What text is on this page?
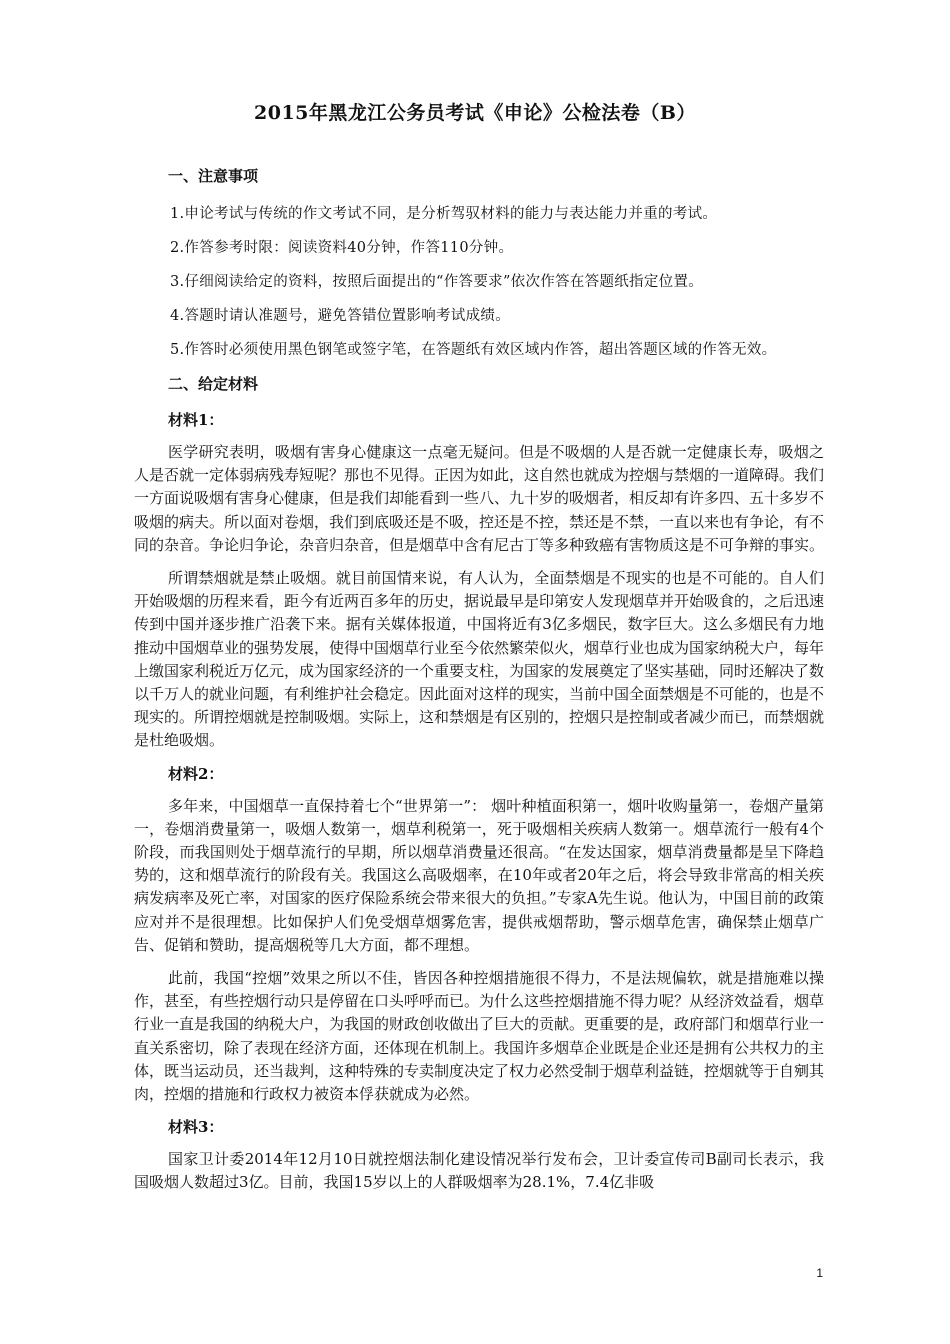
2015年黑龙江公务员考试《申论》公检法卷（B）
一、注意事项

1.申论考试与传统的作文考试不同，是分析驾驭材料的能力与表达能力并重的考试。

2.作答参考时限：阅读资料40分钟，作答110分钟。

3.仔细阅读给定的资料，按照后面提出的“作答要求”依次作答在答题纸指定位置。

4.答题时请认准题号，避免答错位置影响考试成绩。

5.作答时必须使用黑色钢笔或签字笔，在答题纸有效区域内作答，超出答题区域的作答无效。

二、给定材料
材料1：

医学研究表明，吸烟有害身心健康这一点毫无疑问。但是不吸烟的人是否就一定健康长寿，吸烟之人是否就一定体弱病残寿短呢？那也不见得。正因为如此，这自然也就成为控烟与禁烟的一道障碍。我们一方面说吸烟有害身心健康，但是我们却能看到一些八、九十岁的吸烟者，相反却有许多四、五十多岁不吸烟的病夫。所以面对卷烟，我们到底吸还是不吸，控还是不控，禁还是不禁，一直以来也有争论，有不同的杂音。争论归争论，杂音归杂音，但是烟草中含有尼古丁等多种致癌有害物质这是不可争辩的事实。

所谓禁烟就是禁止吸烟。就目前国情来说，有人认为，全面禁烟是不现实的也是不可能的。自人们开始吸烟的历程来看，距今有近两百多年的历史，据说最早是印第安人发现烟草并开始吸食的，之后迅速传到中国并逐步推广沿袭下来。据有关媒体报道，中国将近有3亿多烟民，数字巨大。这么多烟民有力地推动中国烟草业的强势发展，使得中国烟草行业至今依然繁荣似火，烟草行业也成为国家纳税大户，每年上缴国家利税近万亿元，成为国家经济的一个重要支柱，为国家的发展奠定了坚实基础，同时还解决了数以千万人的就业问题，有利维护社会稳定。因此面对这样的现实，当前中国全面禁烟是不可能的，也是不现实的。所谓控烟就是控制吸烟。实际上，这和禁烟是有区别的，控烟只是控制或者减少而已，而禁烟就是杜绝吸烟。

材料2：

多年来，中国烟草一直保持着七个“世界第一”： 烟叶种植面积第一，烟叶收购量第一，卷烟产量第一，卷烟消费量第一，吸烟人数第一，烟草利税第一，死于吸烟相关疾病人数第一。烟草流行一般有4个阶段，而我国则处于烟草流行的早期，所以烟草消费量还很高。“在发达国家，烟草消费量都是呈下降趋势的，这和烟草流行的阶段有关。我国这么高吸烟率，在10年或者20年之后，将会导致非常高的相关疾病发病率及死亡率，对国家的医疗保险系统会带来很大的负担。”专家A先生说。他认为，中国目前的政策应对并不是很理想。比如保护人们免受烟草烟雾危害，提供戒烟帮助，警示烟草危害，确保禁止烟草广告、促销和赞助，提高烟税等几大方面，都不理想。

此前，我国“控烟”效果之所以不佳，皆因各种控烟措施很不得力，不是法规偏软，就是措施难以操作，甚至，有些控烟行动只是停留在口头呼呼而已。为什么这些控烟措施不得力呢？从经济效益看，烟草行业一直是我国的纳税大户，为我国的财政创收做出了巨大的贡献。更重要的是，政府部门和烟草行业一直关系密切，除了表现在经济方面，还体现在机制上。我国许多烟草企业既是企业还是拥有公共权力的主体，既当运动员，还当裁判，这种特殊的专卖制度决定了权力必然受制于烟草利益链，控烟就等于自剜其肉，控烟的措施和行政权力被资本俘获就成为必然。

材料3：

国家卫计委2014年12月10日就控烟法制化建设情况举行发布会，卫计委宣传司B副司长表示，我国吸烟人数超过3亿。目前，我国15岁以上的人群吸烟率为28.1%，7.4亿非吸

1
